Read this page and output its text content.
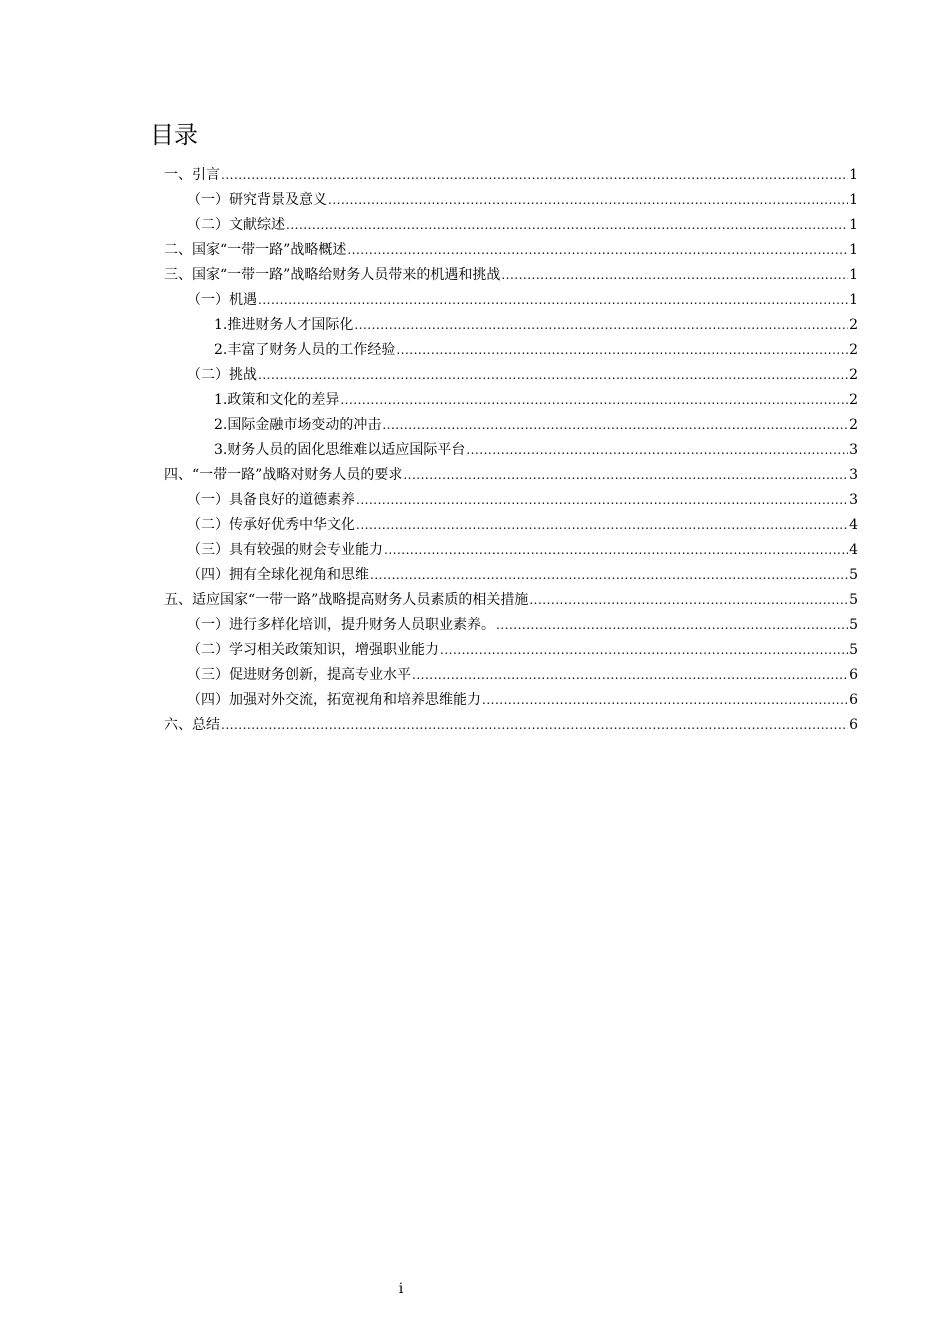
目录
一、引言 .....	1
（一）研究背景及意义 .....	1
（二）文献综述 .....	1
二、国家“一带一路”战略概述 .....	1
三、国家“一带一路”战略给财务人员带来的机遇和挑战 .....	1
（一）机遇 .....	1
1.推进财务人才国际化 .....	2
2.丰富了财务人员的工作经验 .....	2
（二）挑战 .....	2
1.政策和文化的差异 .....	2
2.国际金融市场变动的冲击 .....	2
3.财务人员的固化思维难以适应国际平台 .....	3
四、“一带一路”战略对财务人员的要求 .....	3
（一）具备良好的道德素养 .....	3
（二）传承好优秀中华文化 .....	4
（三）具有较强的财会专业能力 .....	4
（四）拥有全球化视角和思维 .....	5
五、适应国家“一带一路”战略提高财务人员素质的相关措施 .....	5
（一）进行多样化培训，提升财务人员职业素养。 .....	5
（二）学习相关政策知识，增强职业能力 .....	5
（三）促进财务创新，提高专业水平 .....	6
（四）加强对外交流，拓宽视角和培养思维能力 .....	6
六、总结 .....	6
i
